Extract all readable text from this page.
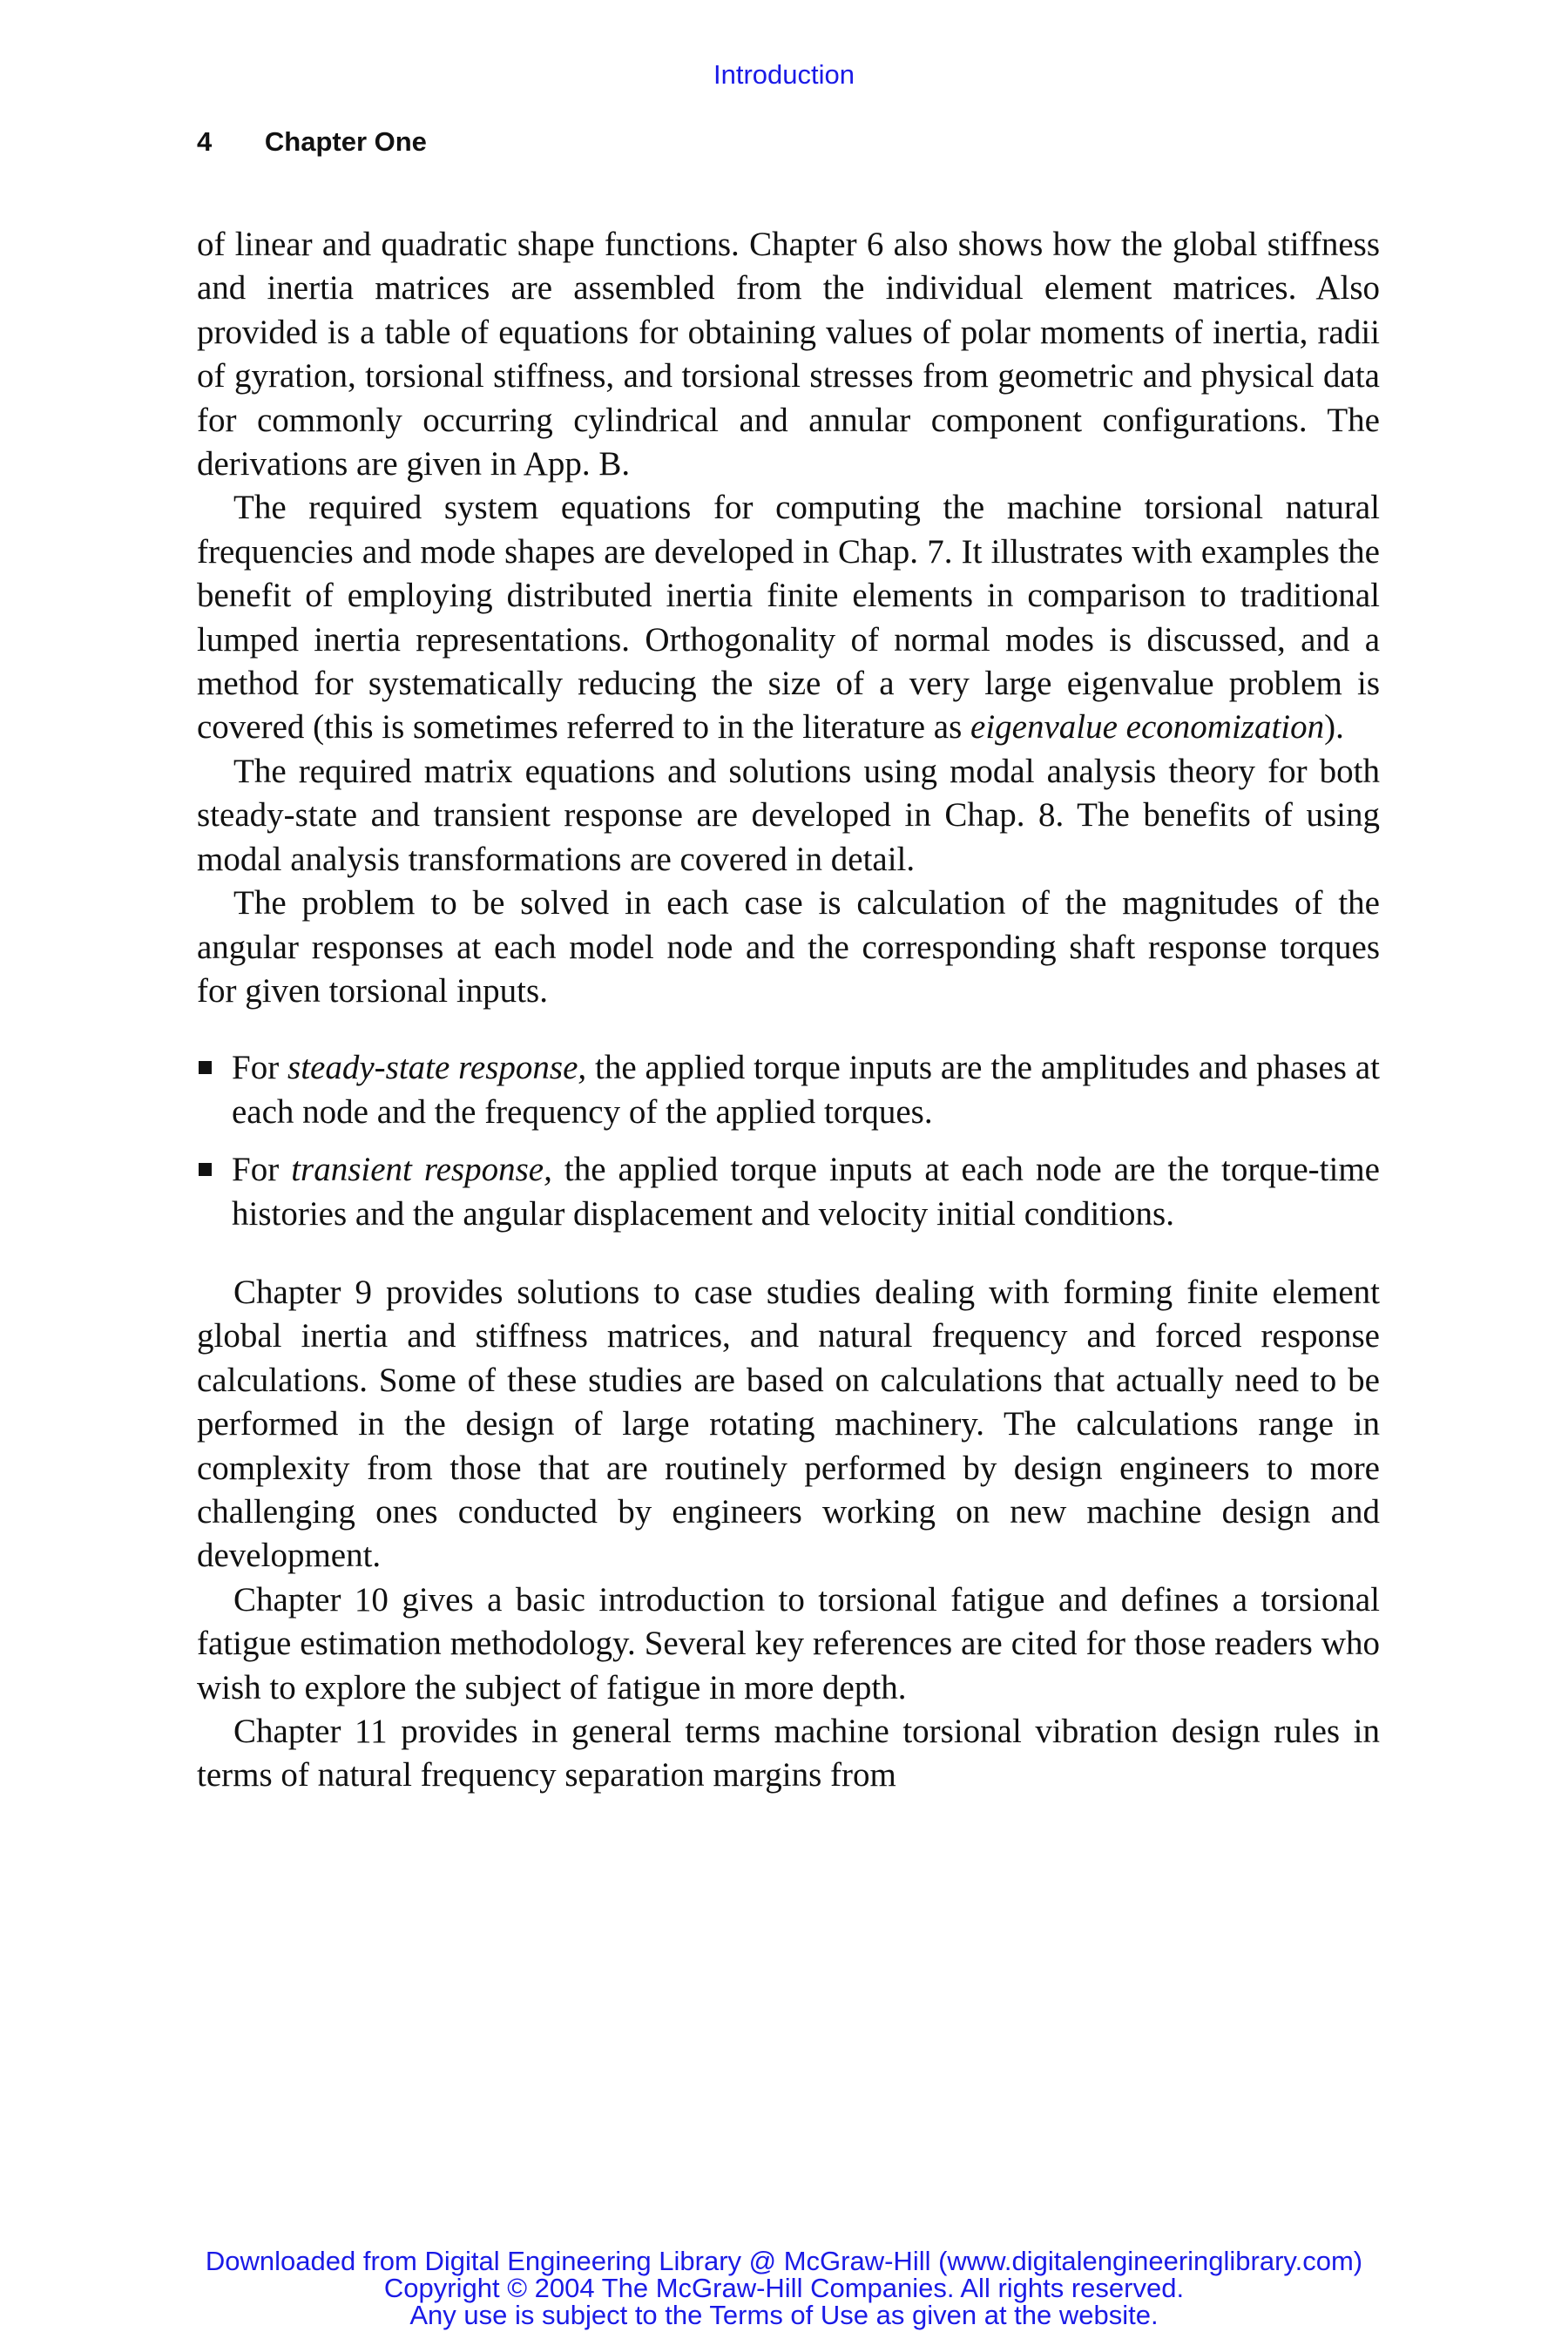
Introduction
4 Chapter One

of linear and quadratic shape functions. Chapter 6 also shows how the global stiffness and inertia matrices are assembled from the individual element matrices. Also provided is a table of equations for obtaining values of polar moments of inertia, radii of gyration, torsional stiffness, and torsional stresses from geometric and physical data for commonly occurring cylindrical and annular component configurations. The derivations are given in App. B.

The required system equations for computing the machine torsional natural frequencies and mode shapes are developed in Chap. 7. It illustrates with examples the benefit of employing distributed inertia finite elements in comparison to traditional lumped inertia representations. Orthogonality of normal modes is discussed, and a method for systematically reducing the size of a very large eigenvalue problem is covered (this is sometimes referred to in the literature as eigenvalue economization).

The required matrix equations and solutions using modal analysis theory for both steady-state and transient response are developed in Chap. 8. The benefits of using modal analysis transformations are covered in detail.

The problem to be solved in each case is calculation of the magnitudes of the angular responses at each model node and the corresponding shaft response torques for given torsional inputs.

For steady-state response, the applied torque inputs are the amplitudes and phases at each node and the frequency of the applied torques.
For transient response, the applied torque inputs at each node are the torque-time histories and the angular displacement and velocity initial conditions.

Chapter 9 provides solutions to case studies dealing with forming finite element global inertia and stiffness matrices, and natural frequency and forced response calculations. Some of these studies are based on calculations that actually need to be performed in the design of large rotating machinery. The calculations range in complexity from those that are routinely performed by design engineers to more challenging ones conducted by engineers working on new machine design and development.

Chapter 10 gives a basic introduction to torsional fatigue and defines a torsional fatigue estimation methodology. Several key references are cited for those readers who wish to explore the subject of fatigue in more depth.

Chapter 11 provides in general terms machine torsional vibration design rules in terms of natural frequency separation margins from

Downloaded from Digital Engineering Library @ McGraw-Hill (www.digitalengineeringlibrary.com)
Copyright © 2004 The McGraw-Hill Companies. All rights reserved.
Any use is subject to the Terms of Use as given at the website.
